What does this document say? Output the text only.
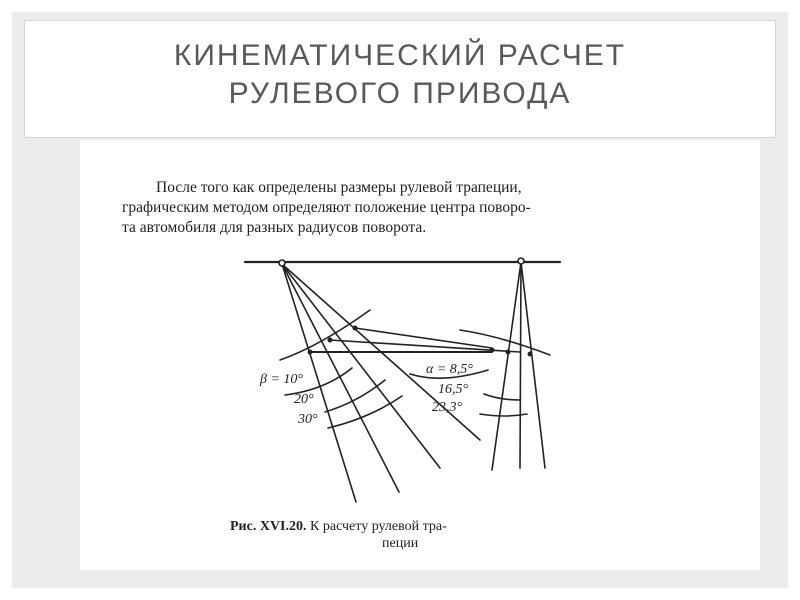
КИНЕМАТИЧЕСКИЙ РАСЧЕТ
РУЛЕВОГО ПРИВОДА

После того как определены размеры рулевой трапеции,
графическим методом определяют положение центра поворо-
та автомобиля для разных радиусов поворота.

β = 10°
20°
30°
α = 8,5°
16,5°
23,3°
Рис. XVI.20. К расчету рулевой тра-
пеции
